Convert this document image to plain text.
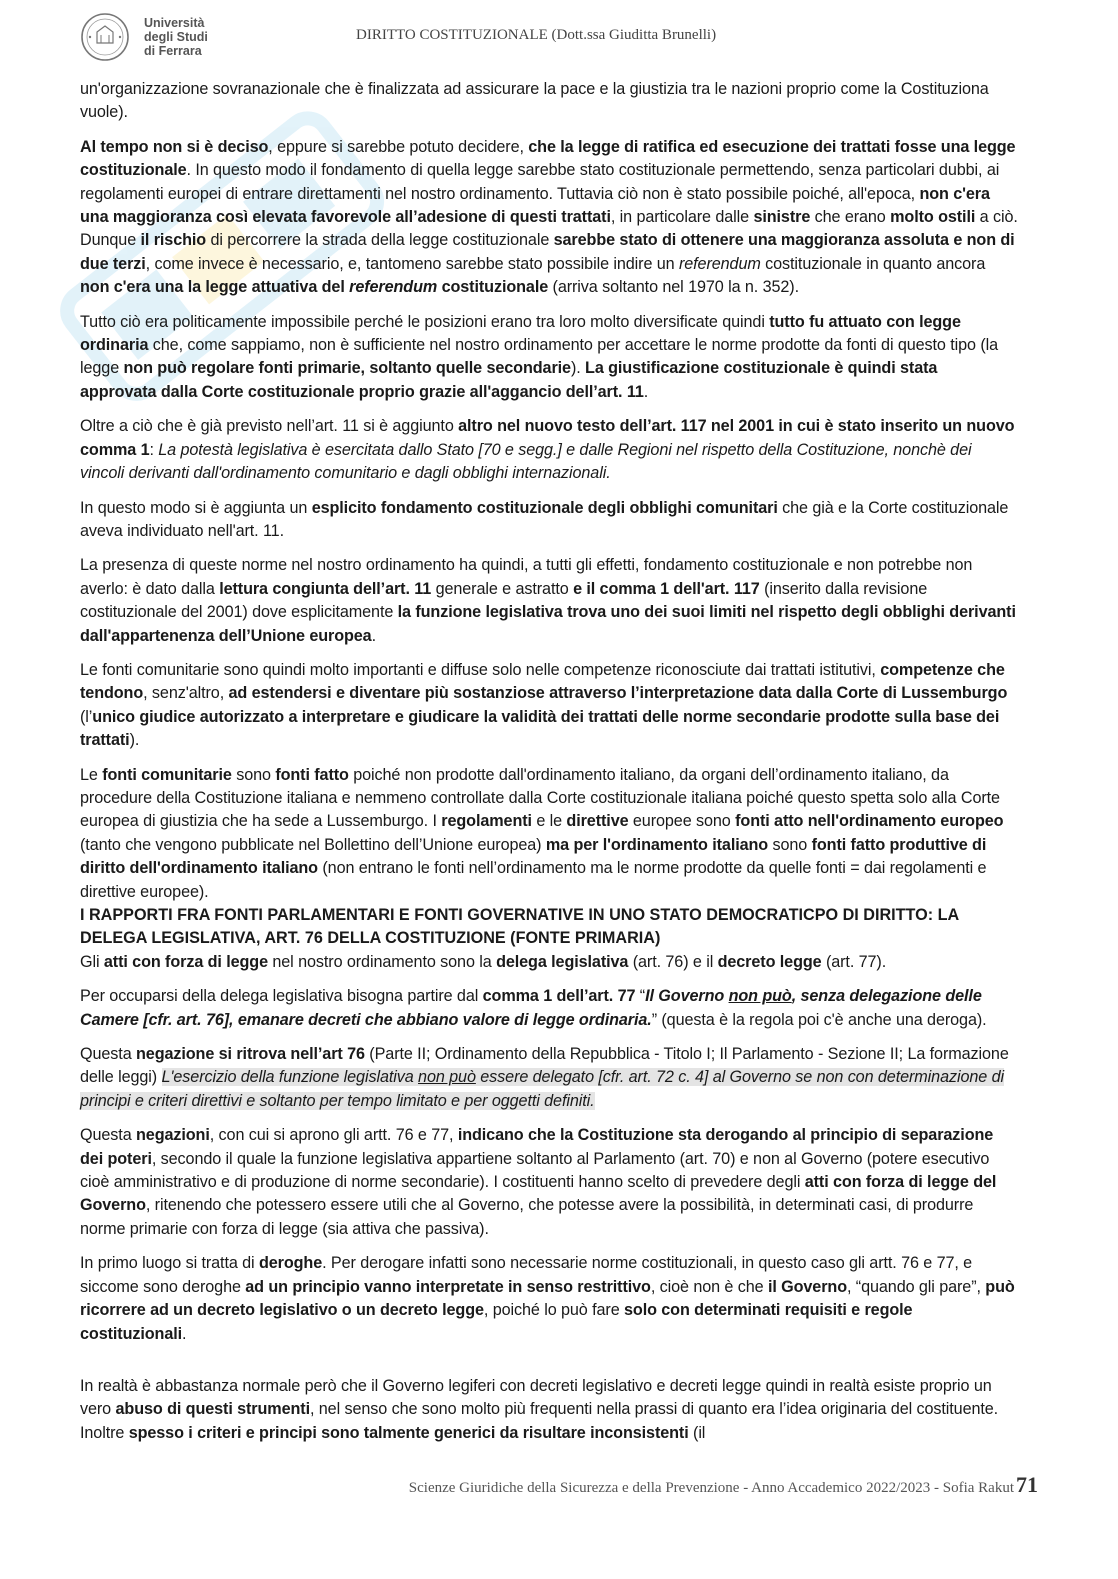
Università
degli Studi
di Ferrara
DIRITTO COSTITUZIONALE (Dott.ssa Giuditta Brunelli)

un'organizzazione sovranazionale che è finalizzata ad assicurare la pace e la giustizia tra le nazioni proprio come la Costituziona vuole).

Al tempo non si è deciso, eppure si sarebbe potuto decidere, che la legge di ratifica ed esecuzione dei trattati fosse una legge costituzionale. In questo modo il fondamento di quella legge sarebbe stato costituzionale permettendo, senza particolari dubbi, ai regolamenti europei di entrare direttamenti nel nostro ordinamento. Tuttavia ciò non è stato possibile poiché, all'epoca, non c'era una maggioranza così elevata favorevole all’adesione di questi trattati, in particolare dalle sinistre che erano molto ostili a ciò. Dunque il rischio di percorrere la strada della legge costituzionale sarebbe stato di ottenere una maggioranza assoluta e non di due terzi, come invece è necessario, e, tantomeno sarebbe stato possibile indire un referendum costituzionale in quanto ancora non c'era una la legge attuativa del referendum costituzionale (arriva soltanto nel 1970 la n. 352).

Tutto ciò era politicamente impossibile perché le posizioni erano tra loro molto diversificate quindi tutto fu attuato con legge ordinaria che, come sappiamo, non è sufficiente nel nostro ordinamento per accettare le norme prodotte da fonti di questo tipo (la legge non può regolare fonti primarie, soltanto quelle secondarie). La giustificazione costituzionale è quindi stata approvata dalla Corte costituzionale proprio grazie all'aggancio dell’art. 11.

Oltre a ciò che è già previsto nell’art. 11 si è aggiunto altro nel nuovo testo dell’art. 117 nel 2001 in cui è stato inserito un nuovo comma 1: La potestà legislativa è esercitata dallo Stato [70 e segg.] e dalle Regioni nel rispetto della Costituzione, nonchè dei vincoli derivanti dall'ordinamento comunitario e dagli obblighi internazionali.

In questo modo si è aggiunta un esplicito fondamento costituzionale degli obblighi comunitari che già e la Corte costituzionale aveva individuato nell'art. 11.

La presenza di queste norme nel nostro ordinamento ha quindi, a tutti gli effetti, fondamento costituzionale e non potrebbe non averlo: è dato dalla lettura congiunta dell’art. 11 generale e astratto e il comma 1 dell'art. 117 (inserito dalla revisione costituzionale del 2001) dove esplicitamente la funzione legislativa trova uno dei suoi limiti nel rispetto degli obblighi derivanti dall'appartenenza dell’Unione europea.

Le fonti comunitarie sono quindi molto importanti e diffuse solo nelle competenze riconosciute dai trattati istitutivi, competenze che tendono, senz'altro, ad estendersi e diventare più sostanziose attraverso l’interpretazione data dalla Corte di Lussemburgo (l’unico giudice autorizzato a interpretare e giudicare la validità dei trattati delle norme secondarie prodotte sulla base dei trattati).

Le fonti comunitarie sono fonti fatto poiché non prodotte dall'ordinamento italiano, da organi dell’ordinamento italiano, da procedure della Costituzione italiana e nemmeno controllate dalla Corte costituzionale italiana poiché questo spetta solo alla Corte europea di giustizia che ha sede a Lussemburgo. I regolamenti e le direttive europee sono fonti atto nell'ordinamento europeo (tanto che vengono pubblicate nel Bollettino dell’Unione europea) ma per l'ordinamento italiano sono fonti fatto produttive di diritto dell'ordinamento italiano (non entrano le fonti nell’ordinamento ma le norme prodotte da quelle fonti = dai regolamenti e direttive europee).

I RAPPORTI FRA FONTI PARLAMENTARI E FONTI GOVERNATIVE IN UNO STATO DEMOCRATICPO DI DIRITTO: LA DELEGA LEGISLATIVA, ART. 76 DELLA COSTITUZIONE (FONTE PRIMARIA)

Gli atti con forza di legge nel nostro ordinamento sono la delega legislativa (art. 76) e il decreto legge (art. 77).

Per occuparsi della delega legislativa bisogna partire dal comma 1 dell’art. 77 “Il Governo non può, senza delegazione delle Camere [cfr. art. 76], emanare decreti che abbiano valore di legge ordinaria.” (questa è la regola poi c'è anche una deroga).

Questa negazione si ritrova nell’art 76 (Parte II; Ordinamento della Repubblica - Titolo I; Il Parlamento - Sezione II; La formazione delle leggi) L'esercizio della funzione legislativa non può essere delegato [cfr. art. 72 c. 4] al Governo se non con determinazione di principi e criteri direttivi e soltanto per tempo limitato e per oggetti definiti.

Questa negazioni, con cui si aprono gli artt. 76 e 77, indicano che la Costituzione sta derogando al principio di separazione dei poteri, secondo il quale la funzione legislativa appartiene soltanto al Parlamento (art. 70) e non al Governo (potere esecutivo cioè amministrativo e di produzione di norme secondarie). I costituenti hanno scelto di prevedere degli atti con forza di legge del Governo, ritenendo che potessero essere utili che al Governo, che potesse avere la possibilità, in determinati casi, di produrre norme primarie con forza di legge (sia attiva che passiva).

In primo luogo si tratta di deroghe. Per derogare infatti sono necessarie norme costituzionali, in questo caso gli artt. 76 e 77, e siccome sono deroghe ad un principio vanno interpretate in senso restrittivo, cioè non è che il Governo, “quando gli pare”, può ricorrere ad un decreto legislativo o un decreto legge, poiché lo può fare solo con determinati requisiti e regole costituzionali.

In realtà è abbastanza normale però che il Governo legiferi con decreti legislativo e decreti legge quindi in realtà esiste proprio un vero abuso di questi strumenti, nel senso che sono molto più frequenti nella prassi di quanto era l’idea originaria del costituente. Inoltre spesso i criteri e principi sono talmente generici da risultare inconsistenti (il

Scienze Giuridiche della Sicurezza e della Prevenzione - Anno Accademico 2022/2023 - Sofia Rakut 71
